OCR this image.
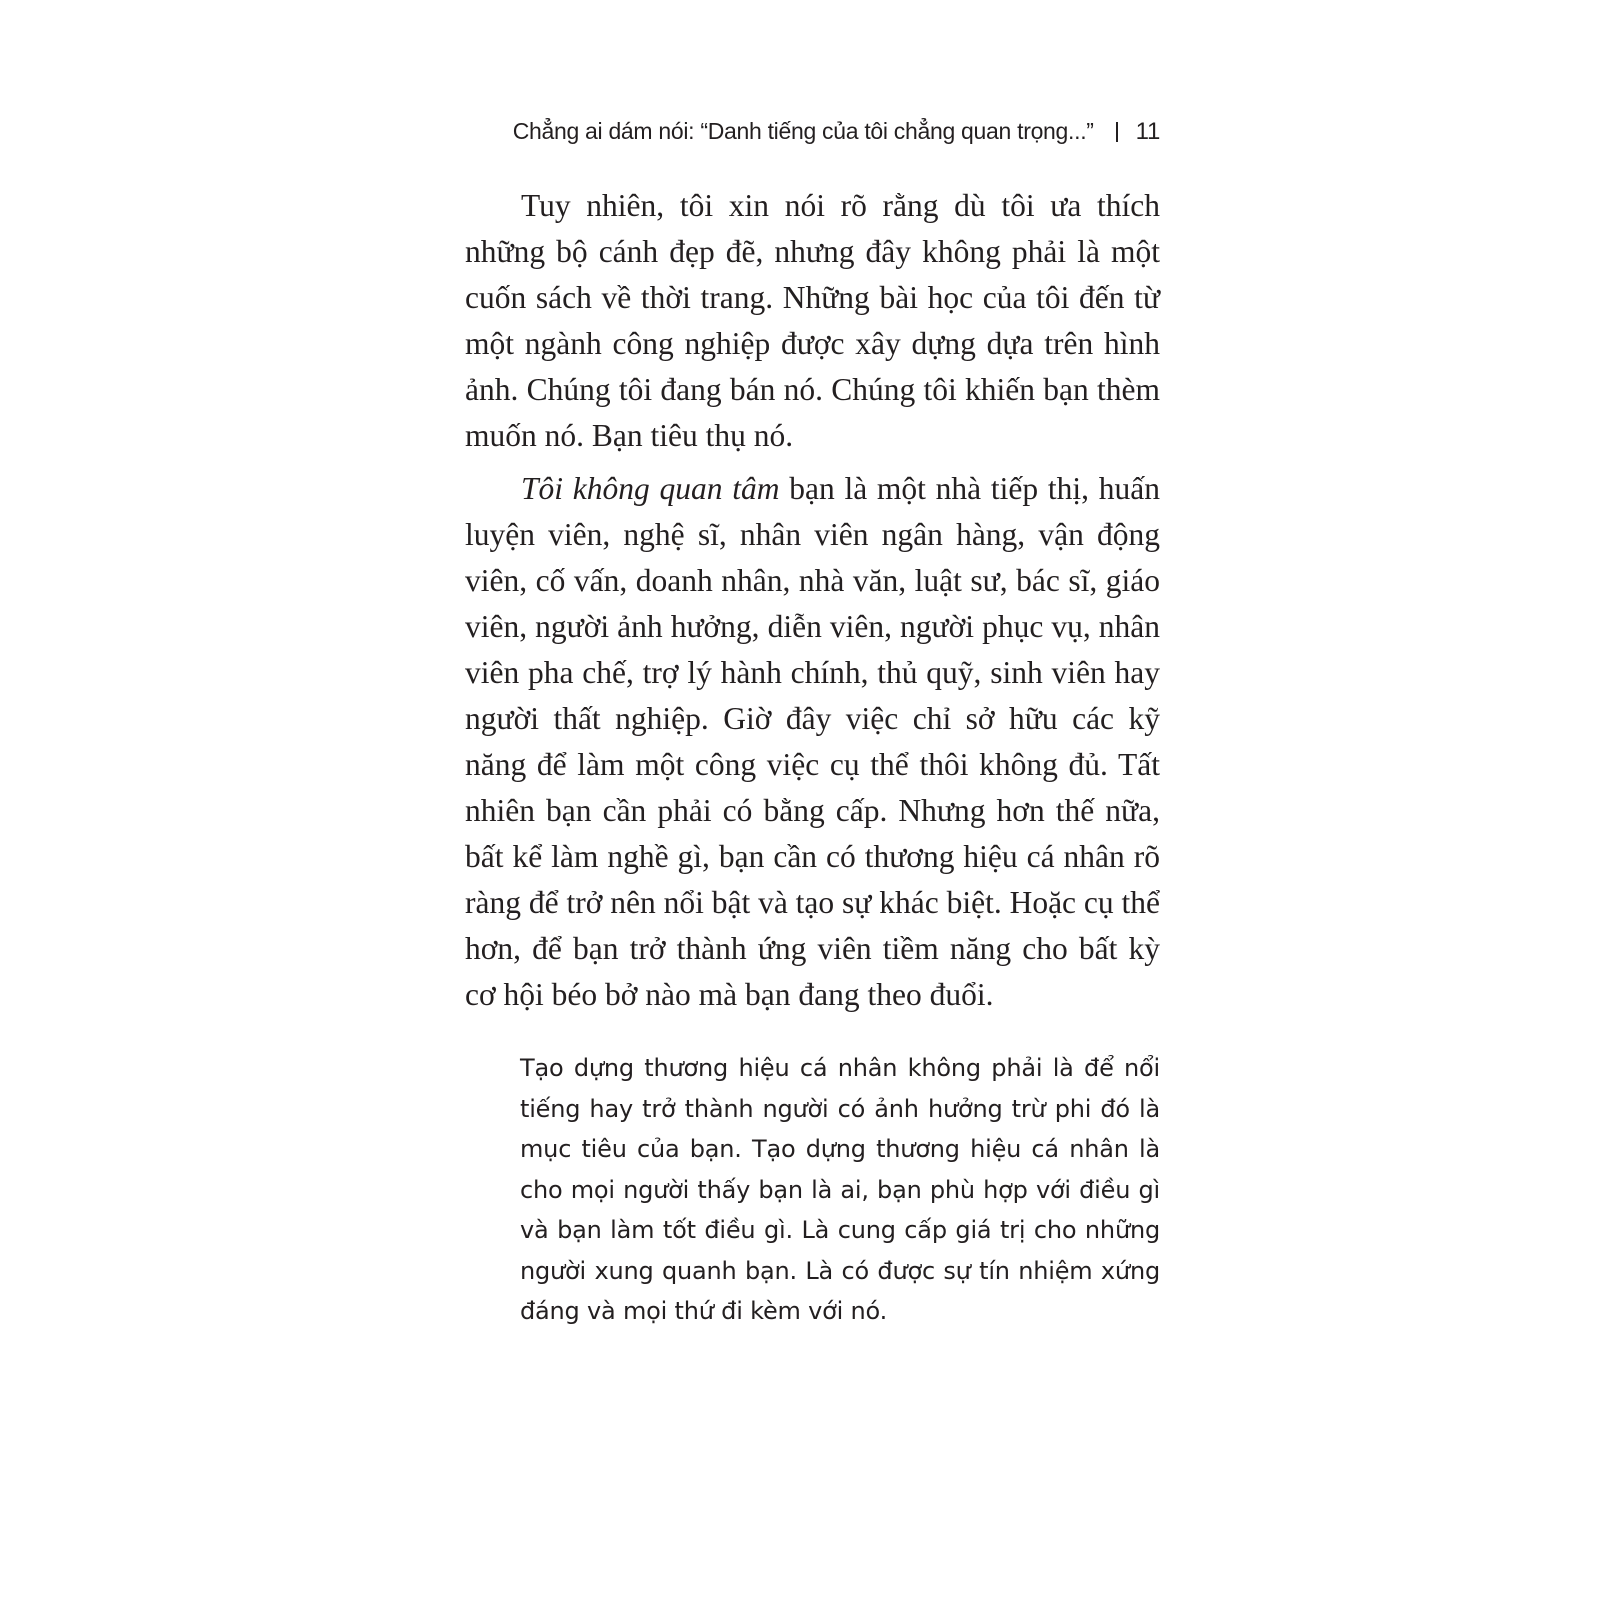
Chẳng ai dám nói: “Danh tiếng của tôi chẳng quan trọng...” 11

Tuy nhiên, tôi xin nói rõ rằng dù tôi ưa thích những bộ cánh đẹp đẽ, nhưng đây không phải là một cuốn sách về thời trang. Những bài học của tôi đến từ một ngành công nghiệp được xây dựng dựa trên hình ảnh. Chúng tôi đang bán nó. Chúng tôi khiến bạn thèm muốn nó. Bạn tiêu thụ nó.

Tôi không quan tâm bạn là một nhà tiếp thị, huấn luyện viên, nghệ sĩ, nhân viên ngân hàng, vận động viên, cố vấn, doanh nhân, nhà văn, luật sư, bác sĩ, giáo viên, người ảnh hưởng, diễn viên, người phục vụ, nhân viên pha chế, trợ lý hành chính, thủ quỹ, sinh viên hay người thất nghiệp. Giờ đây việc chỉ sở hữu các kỹ năng để làm một công việc cụ thể thôi không đủ. Tất nhiên bạn cần phải có bằng cấp. Nhưng hơn thế nữa, bất kể làm nghề gì, bạn cần có thương hiệu cá nhân rõ ràng để trở nên nổi bật và tạo sự khác biệt. Hoặc cụ thể hơn, để bạn trở thành ứng viên tiềm năng cho bất kỳ cơ hội béo bở nào mà bạn đang theo đuổi.

Tạo dựng thương hiệu cá nhân không phải là để nổi tiếng hay trở thành người có ảnh hưởng trừ phi đó là mục tiêu của bạn. Tạo dựng thương hiệu cá nhân là cho mọi người thấy bạn là ai, bạn phù hợp với điều gì và bạn làm tốt điều gì. Là cung cấp giá trị cho những người xung quanh bạn. Là có được sự tín nhiệm xứng đáng và mọi thứ đi kèm với nó.
